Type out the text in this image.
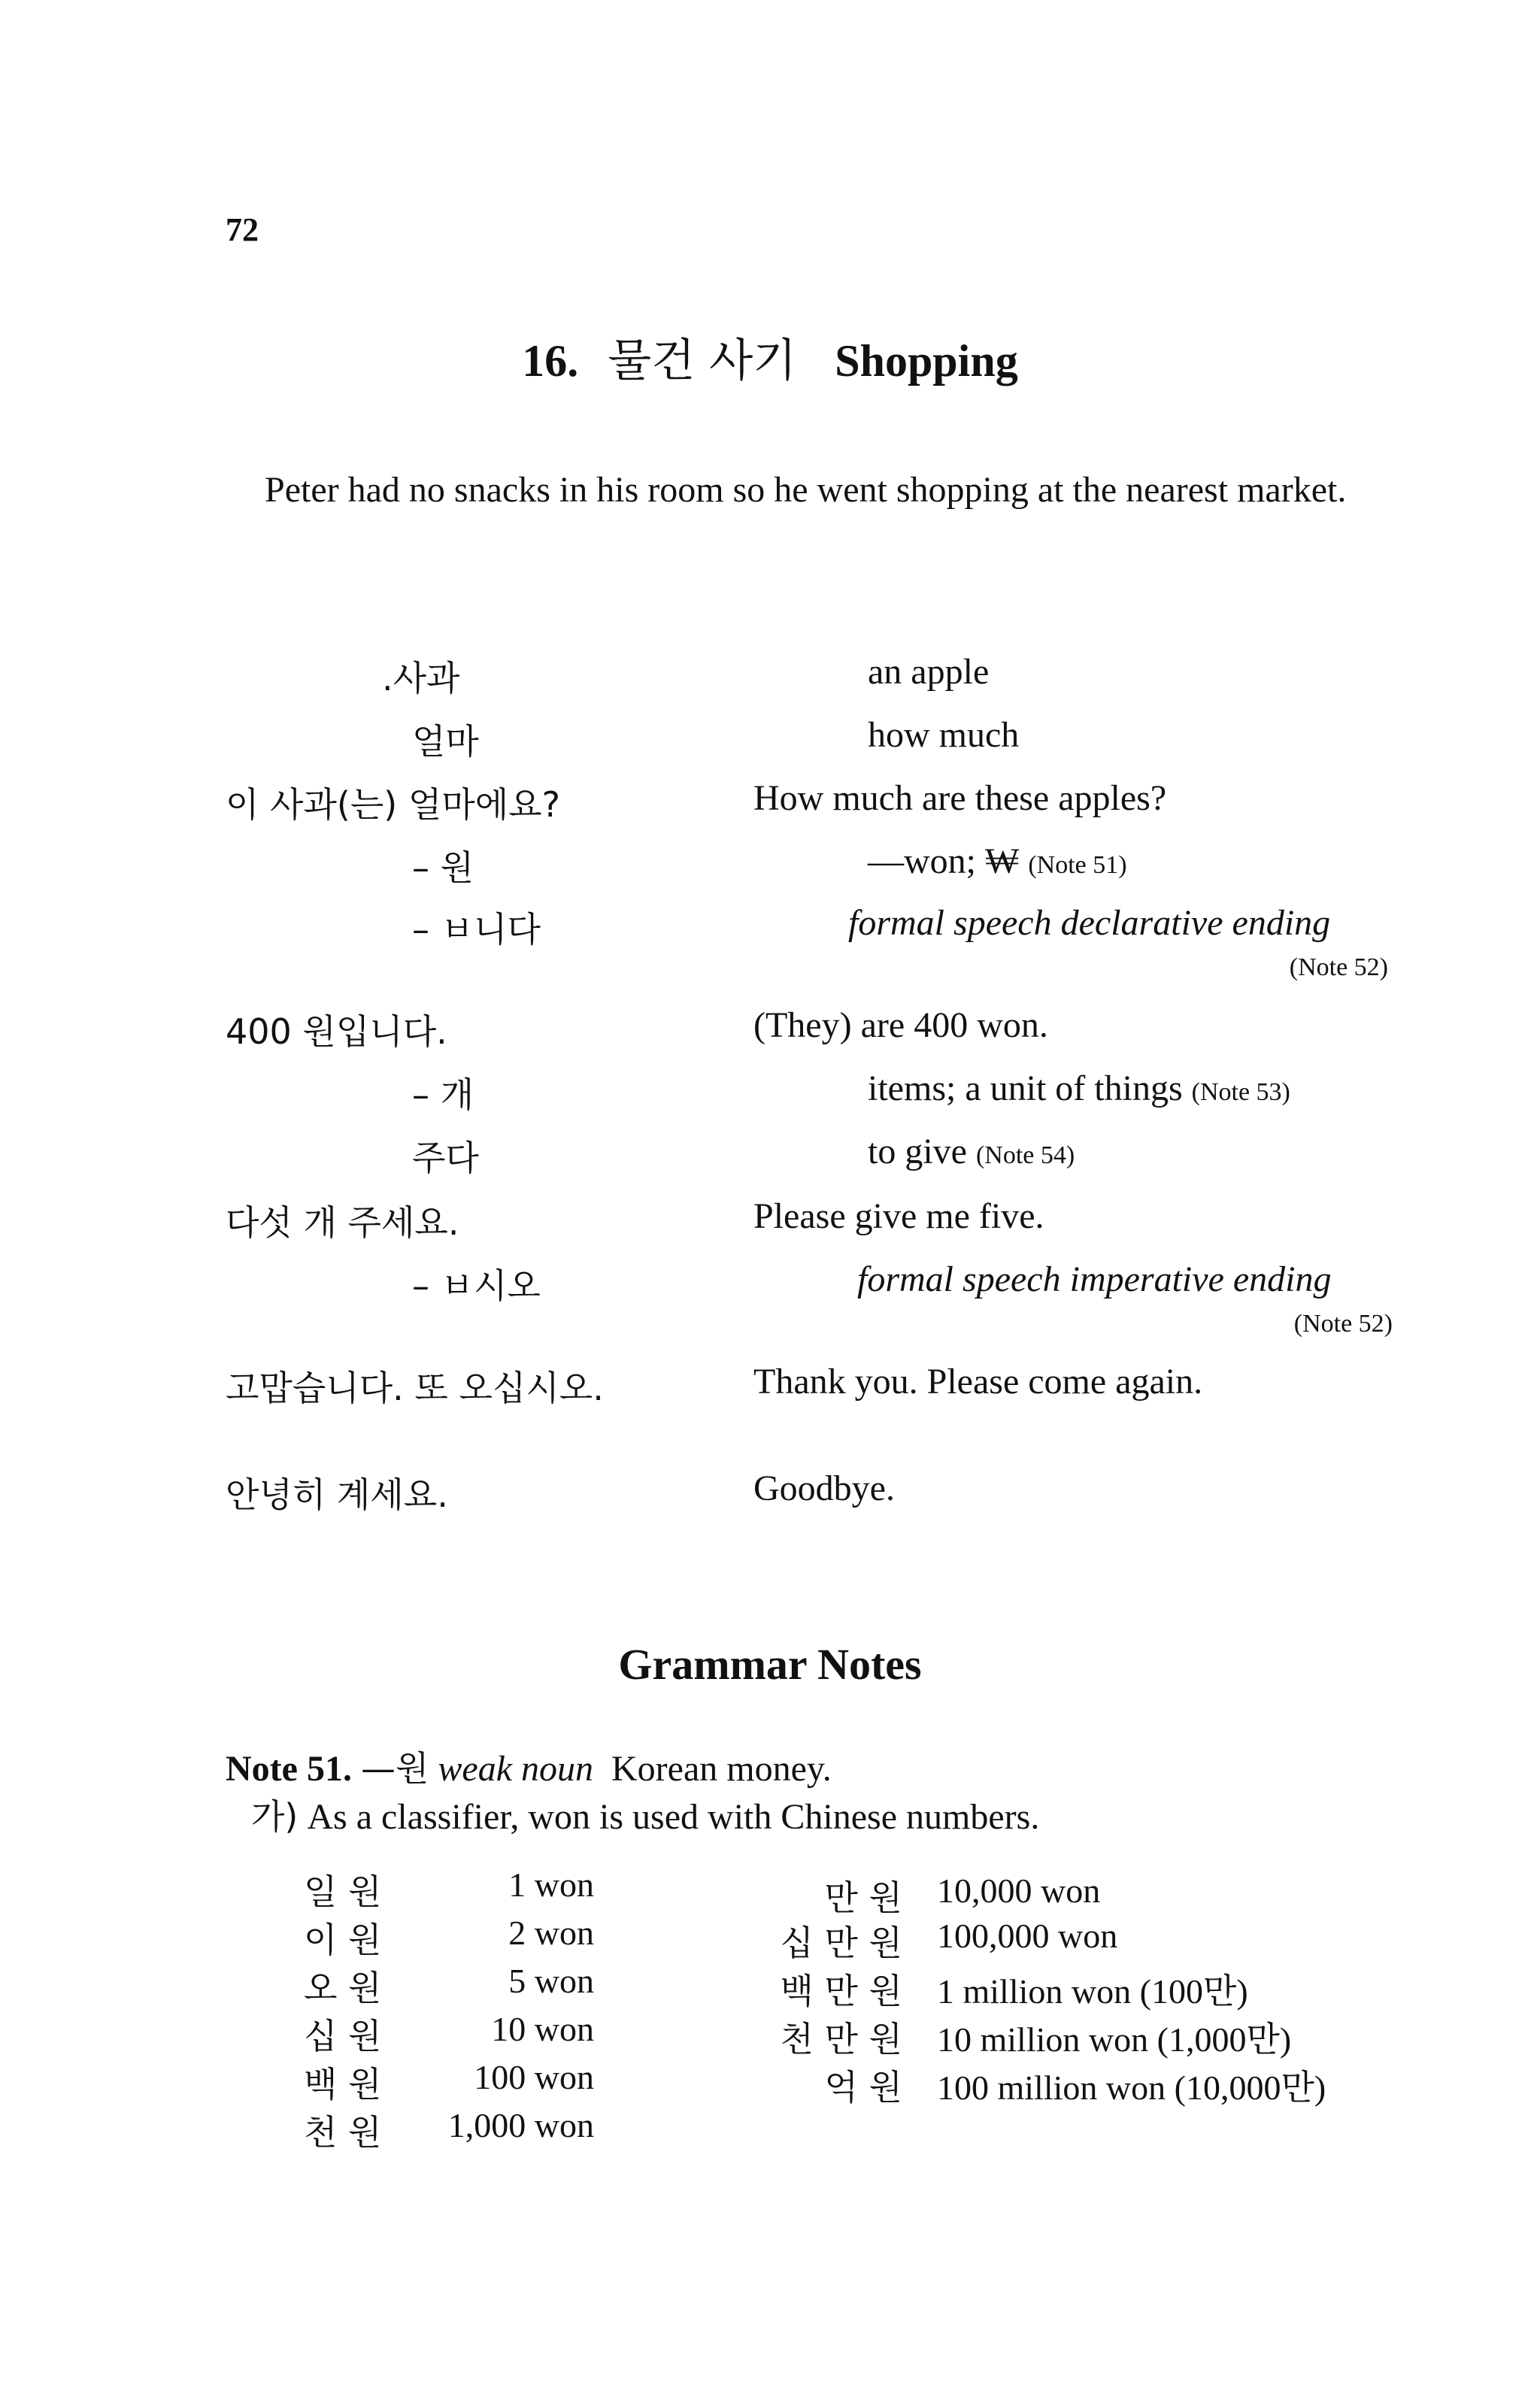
72
16. 물건 사기 Shopping
Peter had no snacks in his room so he went shopping at the nearest market.
.사과	an apple
얼마	how much
이 사과(는) 얼마에요?	How much are these apples?
– 원	—won; ₩ (Note 51)
– ㅂ니다	formal speech declarative ending
(Note 52)
400 원입니다.	(They) are 400 won.
– 개	items; a unit of things (Note 53)
주다	to give (Note 54)
다섯 개 주세요.	Please give me five.
– ㅂ시오	formal speech imperative ending
(Note 52)
고맙습니다. 또 오십시오.	Thank you. Please come again.
안녕히 계세요.	Goodbye.
Grammar Notes
Note 51. —원 weak noun Korean money.
가) As a classifier, won is used with Chinese numbers.
일 원	1 won
이 원	2 won
오 원	5 won
십 원	10 won
백 원	100 won
천 원	1,000 won
만 원 10,000 won
십 만 원 100,000 won
백 만 원 1 million won (100만)
천 만 원 10 million won (1,000만)
억 원 100 million won (10,000만)
